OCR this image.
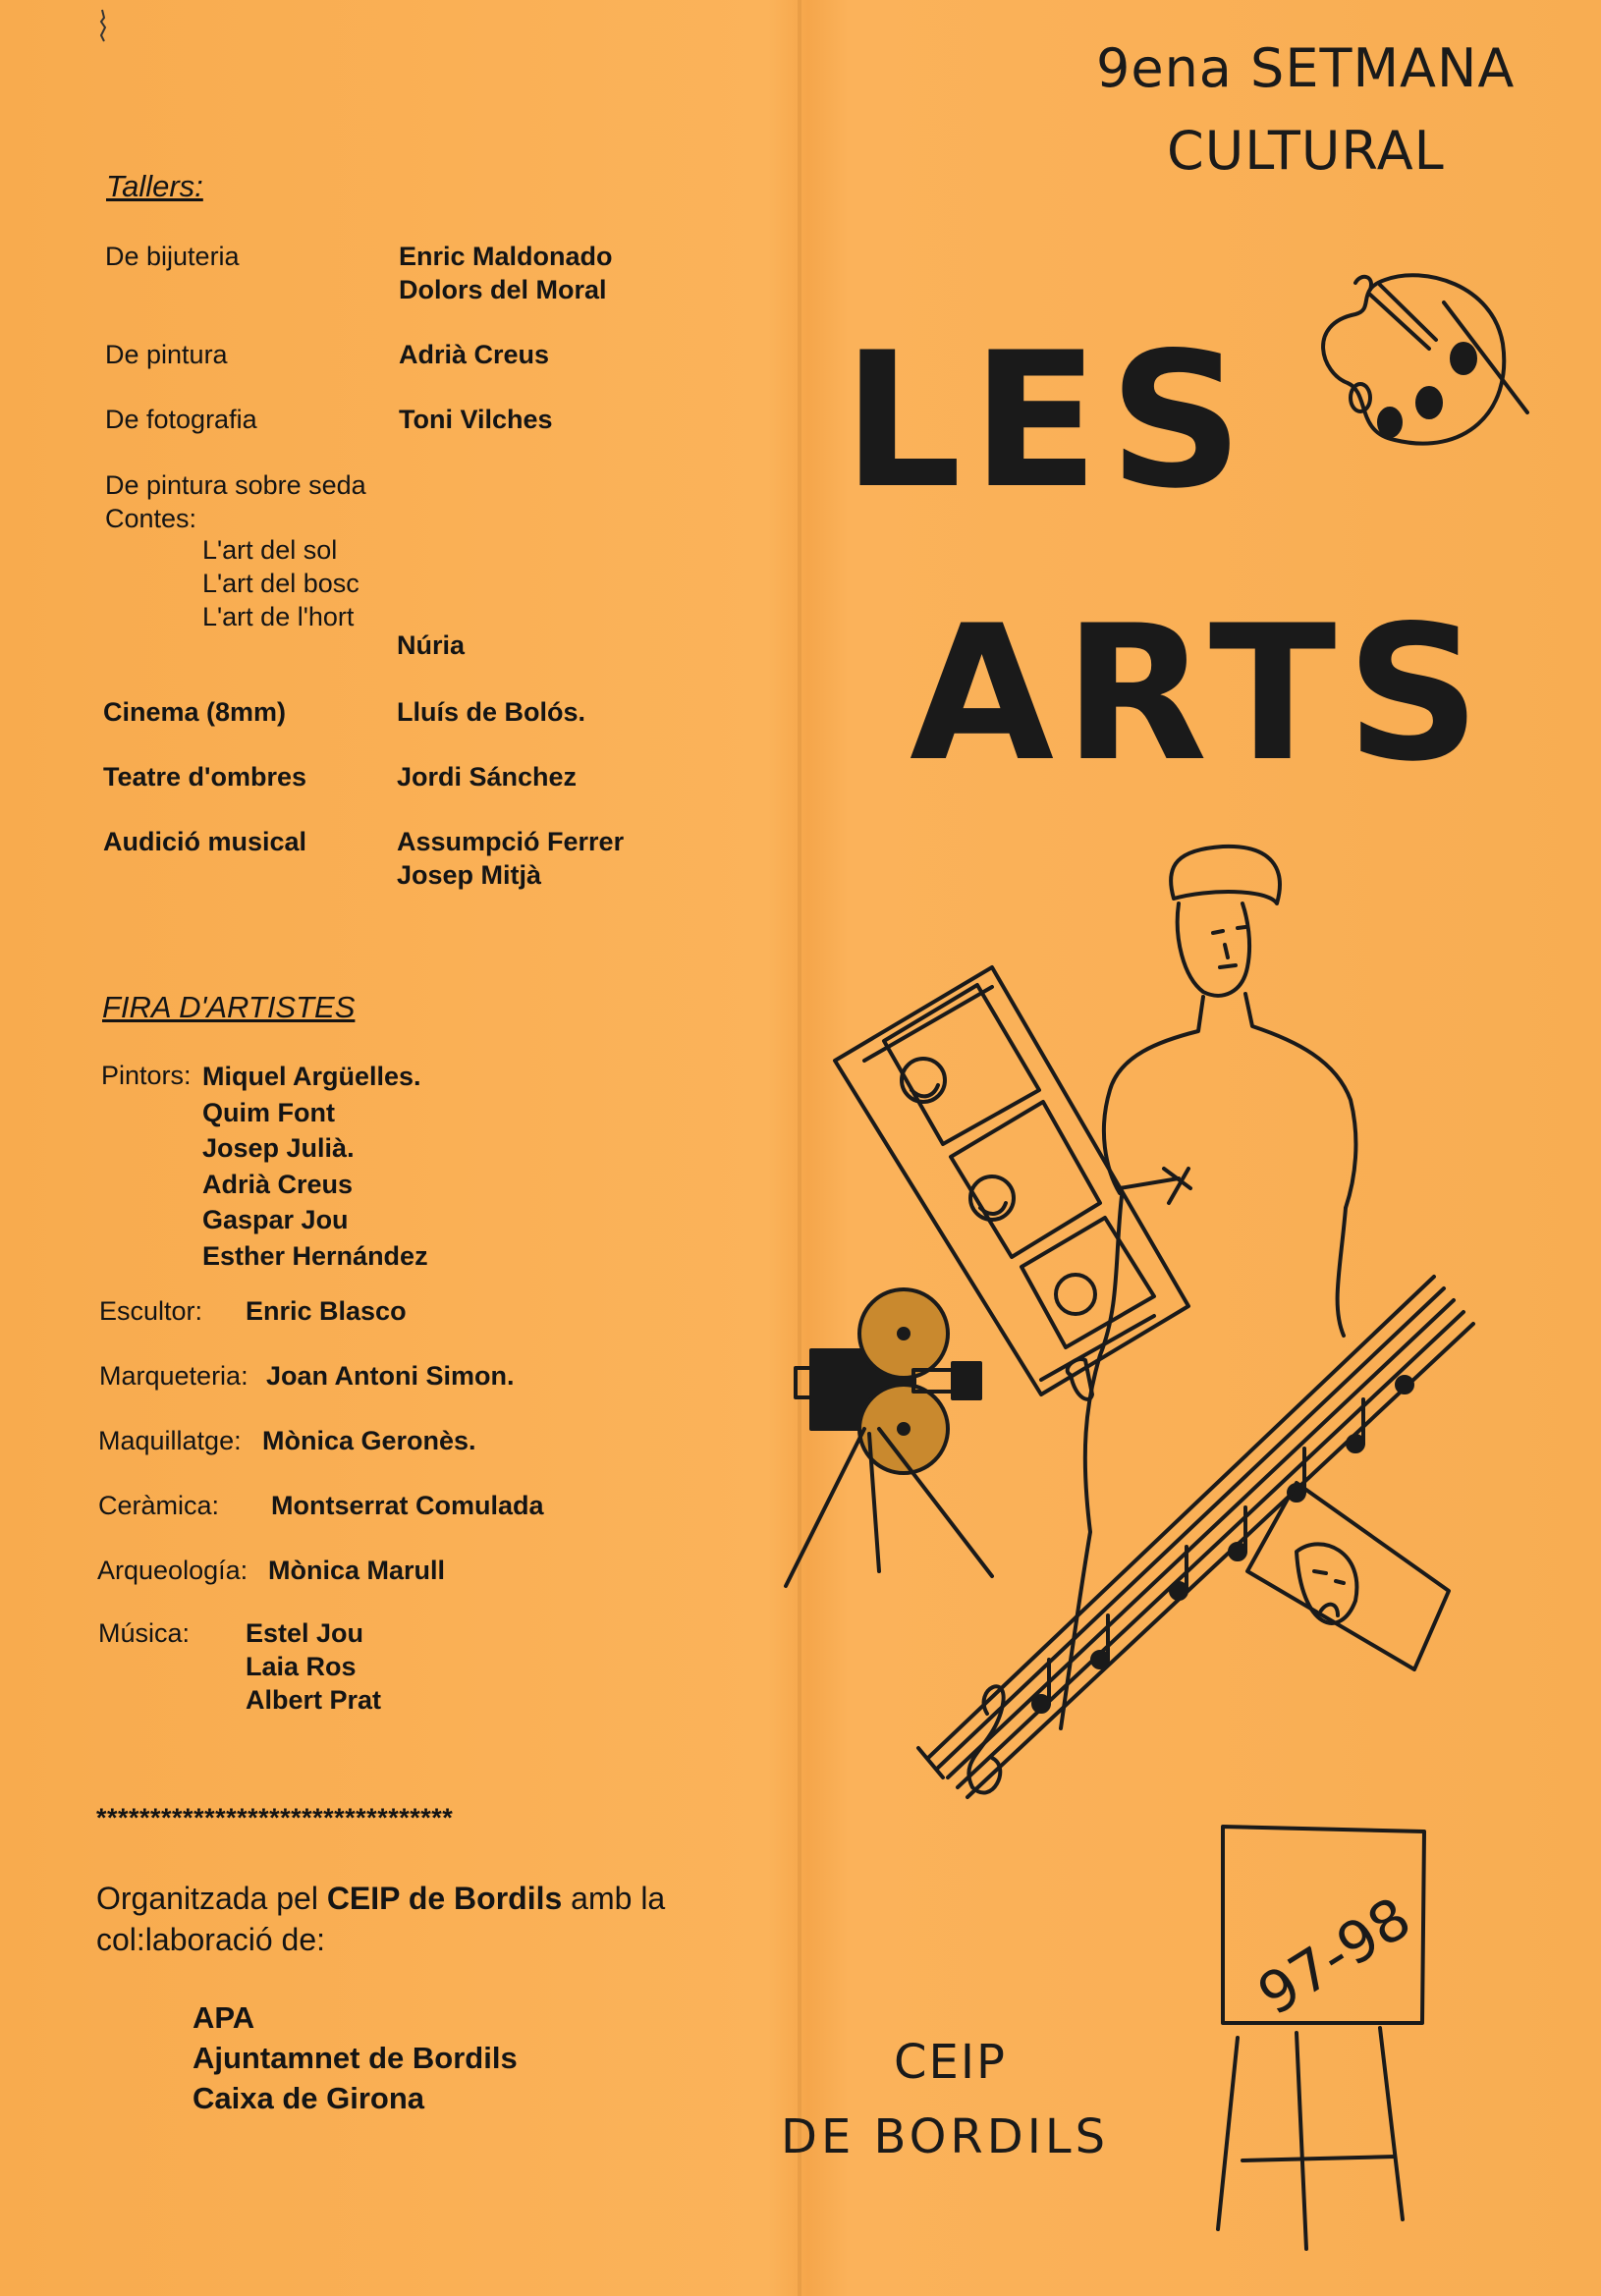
Tallers:
De bijuteria	Enric Maldonado
Dolors del Moral
De pintura	Adrià Creus
De fotografia	Toni Vilches
De pintura sobre seda
Contes:
L'art del sol
L'art del bosc
L'art de l'hort
Núria
Cinema (8mm)	Lluís de Bolós.
Teatre d'ombres	Jordi Sánchez
Audició musical	Assumpció Ferrer
Josep Mitjà
FIRA D'ARTISTES
Pintors: Miquel Argüelles.
Quim Font
Josep Julià.
Adrià Creus
Gaspar Jou
Esther Hernández
Escultor: Enric Blasco
Marqueteria: Joan Antoni Simon.
Maquillatge: Mònica Geronès.
Ceràmica: Montserrat Comulada
Arqueología: Mònica Marull
Música: Estel Jou
Laia Ros
Albert Prat
*********************************
Organitzada pel CEIP de Bordils amb la col:laboració de:
APA
Ajuntamnet de Bordils
Caixa de Girona
9ena SETMANA
CULTURAL
LES
ARTS
97-98
CEIP
DE BORDILS
